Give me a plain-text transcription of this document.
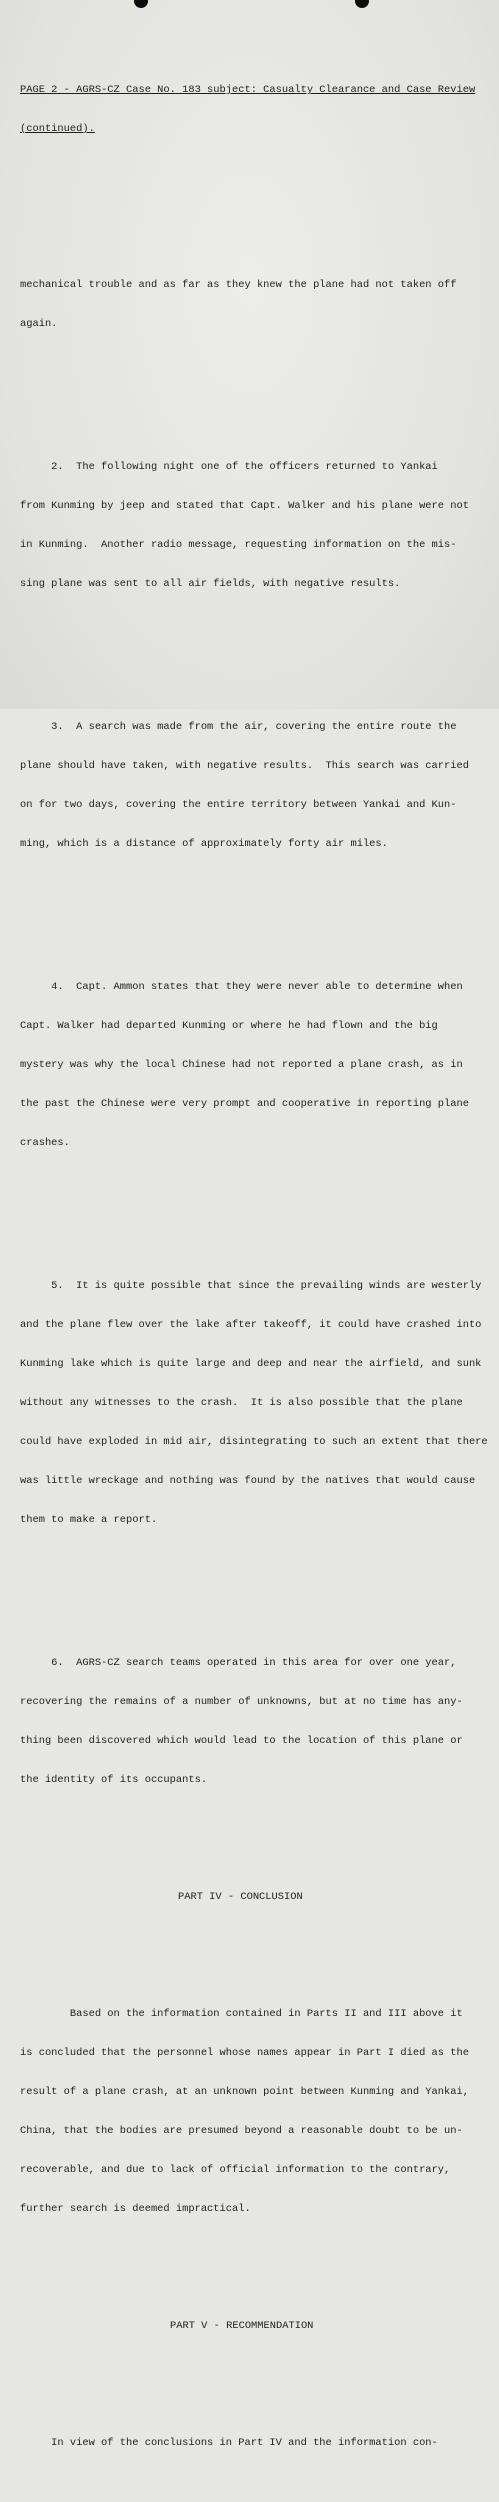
PAGE 2 - AGRS-CZ Case No. 183 subject: Casualty Clearance and Case Review

(continued).

mechanical trouble and as far as they knew the plane had not taken off

again.

2.  The following night one of the officers returned to Yankai

from Kunming by jeep and stated that Capt. Walker and his plane were not

in Kunming.  Another radio message, requesting information on the mis-

sing plane was sent to all air fields, with negative results.

3.  A search was made from the air, covering the entire route the

plane should have taken, with negative results.  This search was carried

on for two days, covering the entire territory between Yankai and Kun-

ming, which is a distance of approximately forty air miles.

4.  Capt. Ammon states that they were never able to determine when

Capt. Walker had departed Kunming or where he had flown and the big

mystery was why the local Chinese had not reported a plane crash, as in

the past the Chinese were very prompt and cooperative in reporting plane

crashes.

5.  It is quite possible that since the prevailing winds are westerly

and the plane flew over the lake after takeoff, it could have crashed into

Kunming lake which is quite large and deep and near the airfield, and sunk

without any witnesses to the crash.  It is also possible that the plane

could have exploded in mid air, disintegrating to such an extent that there

was little wreckage and nothing was found by the natives that would cause

them to make a report.

6.  AGRS-CZ search teams operated in this area for over one year,

recovering the remains of a number of unknowns, but at no time has any-

thing been discovered which would lead to the location of this plane or

the identity of its occupants.

PART IV - CONCLUSION

Based on the information contained in Parts II and III above it

is concluded that the personnel whose names appear in Part I died as the

result of a plane crash, at an unknown point between Kunming and Yankai,

China, that the bodies are presumed beyond a reasonable doubt to be un-

recoverable, and due to lack of official information to the contrary,

further search is deemed impractical.

PART V - RECOMMENDATION

In view of the conclusions in Part IV and the information con-
